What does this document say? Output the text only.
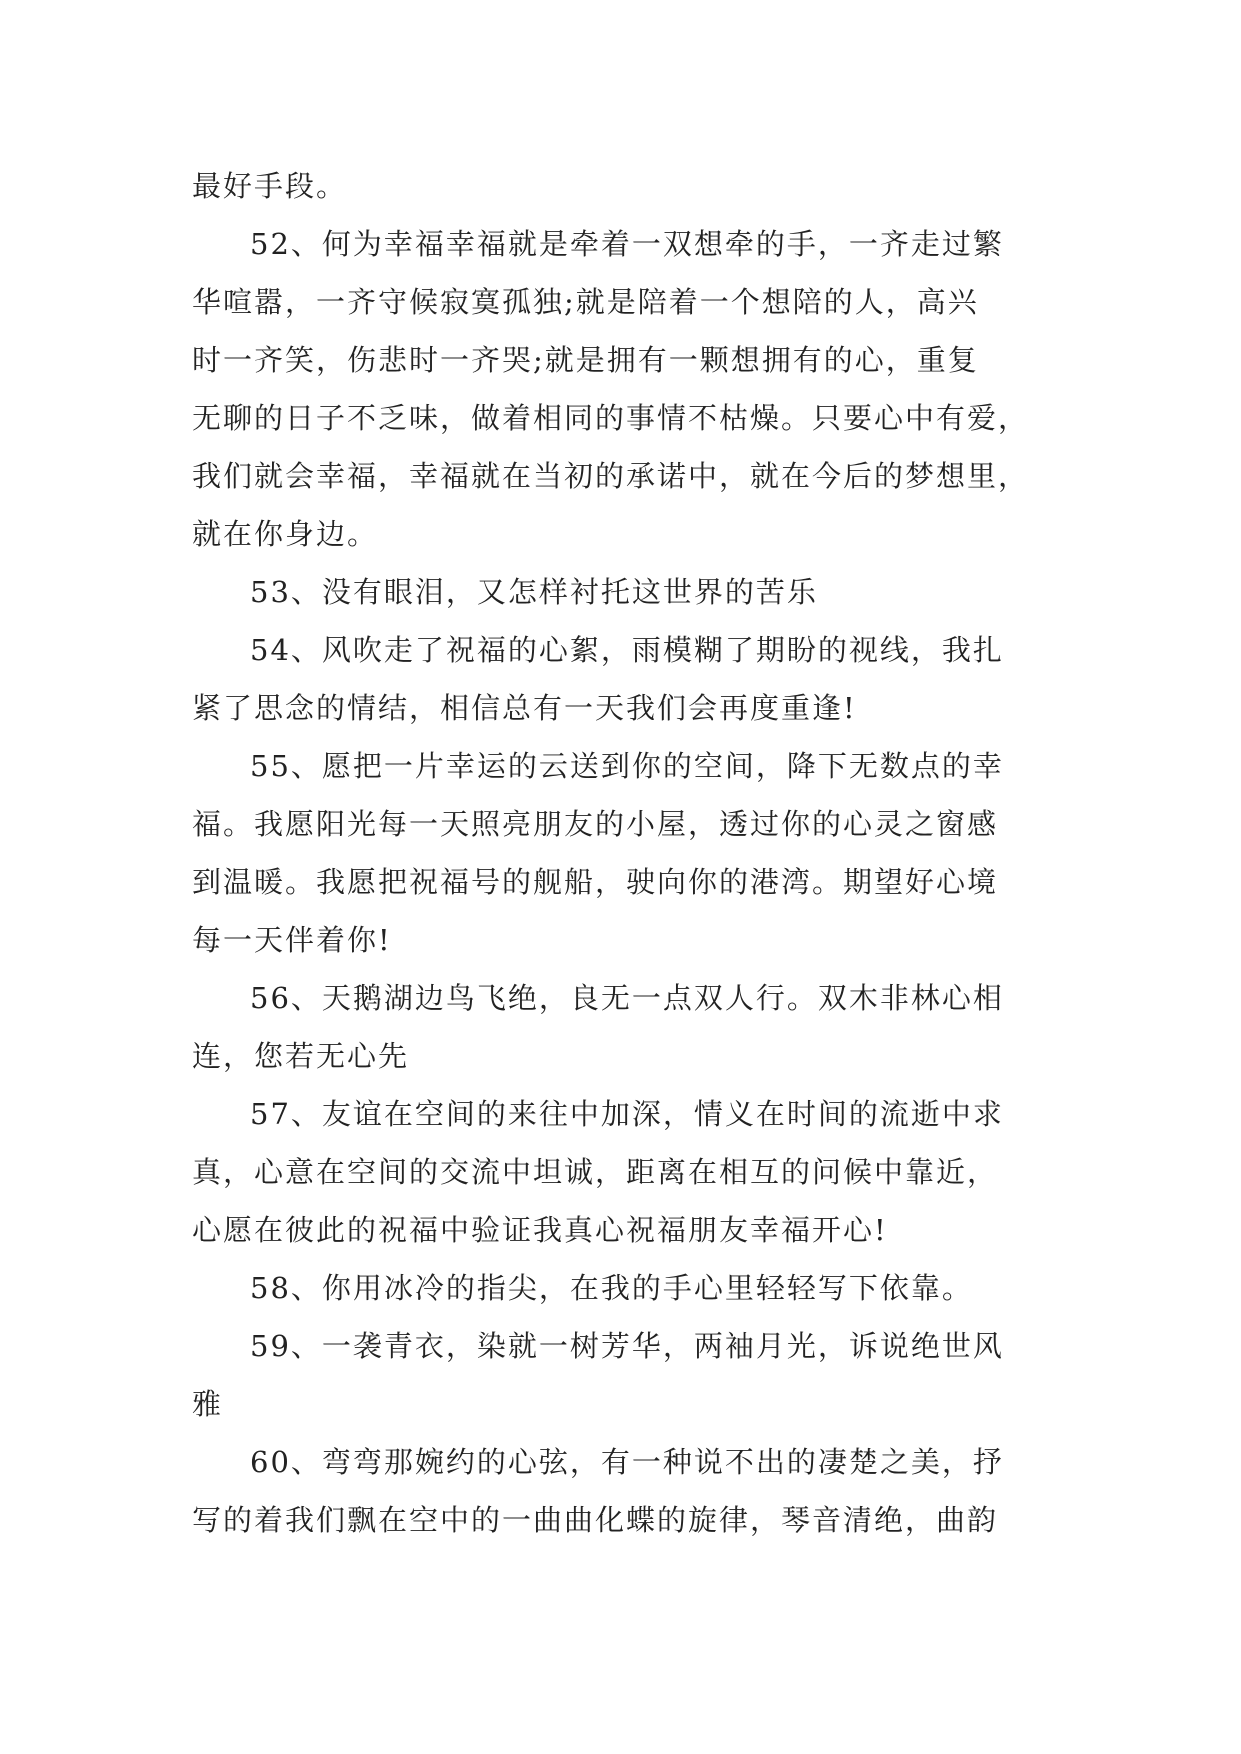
最好手段。
52、何为幸福幸福就是牵着一双想牵的手，一齐走过繁
华喧嚣，一齐守候寂寞孤独;就是陪着一个想陪的人，高兴
时一齐笑，伤悲时一齐哭;就是拥有一颗想拥有的心，重复
无聊的日子不乏味，做着相同的事情不枯燥。只要心中有爱，
我们就会幸福，幸福就在当初的承诺中，就在今后的梦想里，
就在你身边。
53、没有眼泪，又怎样衬托这世界的苦乐
54、风吹走了祝福的心絮，雨模糊了期盼的视线，我扎
紧了思念的情结，相信总有一天我们会再度重逢!
55、愿把一片幸运的云送到你的空间，降下无数点的幸
福。我愿阳光每一天照亮朋友的小屋，透过你的心灵之窗感
到温暖。我愿把祝福号的舰船，驶向你的港湾。期望好心境
每一天伴着你!
56、天鹅湖边鸟飞绝，良无一点双人行。双木非林心相
连，您若无心先
57、友谊在空间的来往中加深，情义在时间的流逝中求
真，心意在空间的交流中坦诚，距离在相互的问候中靠近，
心愿在彼此的祝福中验证我真心祝福朋友幸福开心!
58、你用冰冷的指尖，在我的手心里轻轻写下依靠。
59、一袭青衣，染就一树芳华，两袖月光，诉说绝世风
雅
60、弯弯那婉约的心弦，有一种说不出的凄楚之美，抒
写的着我们飘在空中的一曲曲化蝶的旋律，琴音清绝，曲韵
